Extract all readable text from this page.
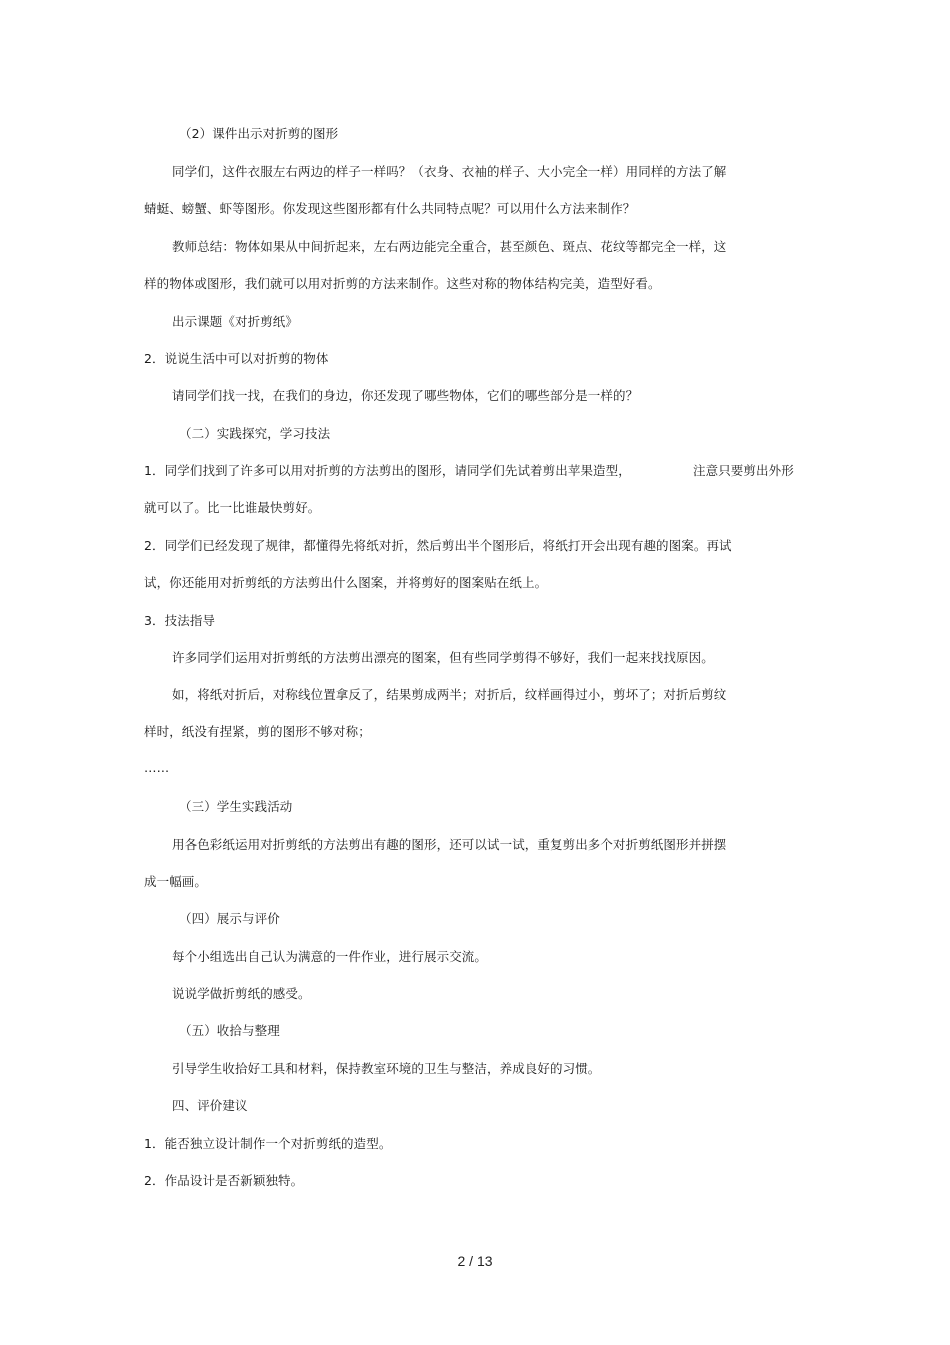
（2）课件出示对折剪的图形
同学们，这件衣服左右两边的样子一样吗？（衣身、衣袖的样子、大小完全一样）用同样的方法了解
蜻蜓、螃蟹、虾等图形。你发现这些图形都有什么共同特点呢？可以用什么方法来制作？
教师总结：物体如果从中间折起来，左右两边能完全重合，甚至颜色、斑点、花纹等都完全一样，这
样的物体或图形，我们就可以用对折剪的方法来制作。这些对称的物体结构完美，造型好看。
出示课题《对折剪纸》
2．说说生活中可以对折剪的物体
请同学们找一找，在我们的身边，你还发现了哪些物体，它们的哪些部分是一样的？
（二）实践探究，学习技法
1．同学们找到了许多可以用对折剪的方法剪出的图形，请同学们先试着剪出苹果造型，	注意只要剪出外形
就可以了。比一比谁最快剪好。
2．同学们已经发现了规律，都懂得先将纸对折，然后剪出半个图形后，将纸打开会出现有趣的图案。再试
试，你还能用对折剪纸的方法剪出什么图案，并将剪好的图案贴在纸上。
3．技法指导
许多同学们运用对折剪纸的方法剪出漂亮的图案，但有些同学剪得不够好，我们一起来找找原因。
如，将纸对折后，对称线位置拿反了，结果剪成两半；对折后，纹样画得过小，剪坏了；对折后剪纹
样时，纸没有捏紧，剪的图形不够对称；
……
（三）学生实践活动
用各色彩纸运用对折剪纸的方法剪出有趣的图形，还可以试一试，重复剪出多个对折剪纸图形并拼摆
成一幅画。
（四）展示与评价
每个小组选出自己认为满意的一件作业，进行展示交流。
说说学做折剪纸的感受。
（五）收拾与整理
引导学生收拾好工具和材料，保持教室环境的卫生与整洁，养成良好的习惯。
四、评价建议
1．能否独立设计制作一个对折剪纸的造型。
2．作品设计是否新颖独特。
2 / 13
